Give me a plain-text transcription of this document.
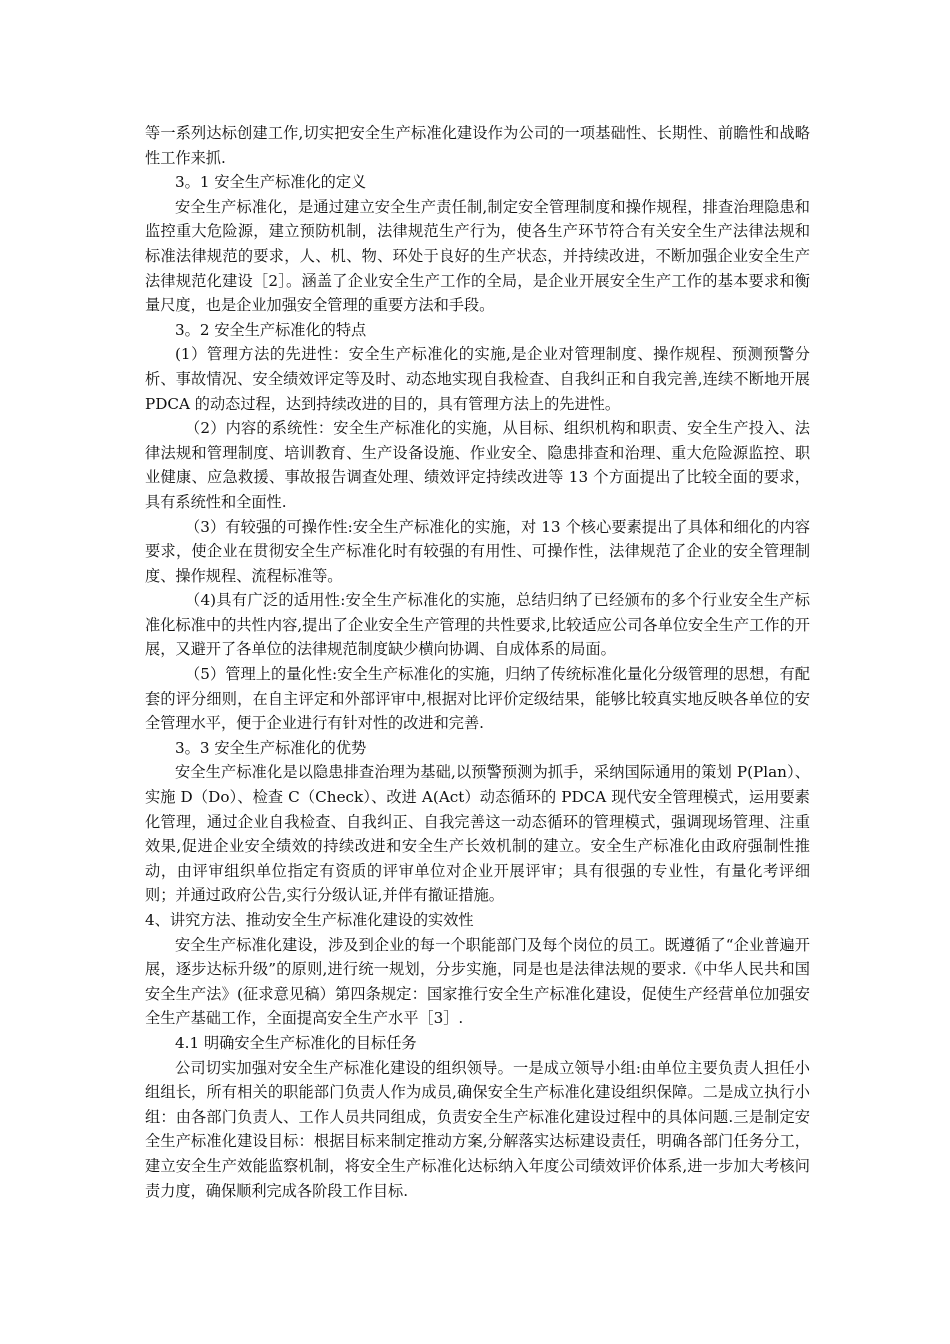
等一系列达标创建工作,切实把安全生产标准化建设作为公司的一项基础性、长期性、前瞻性和战略性工作来抓.

3。1 安全生产标准化的定义

安全生产标准化，是通过建立安全生产责任制,制定安全管理制度和操作规程，排查治理隐患和监控重大危险源，建立预防机制，法律规范生产行为，使各生产环节符合有关安全生产法律法规和标准法律规范的要求，人、机、物、环处于良好的生产状态，并持续改进，不断加强企业安全生产法律规范化建设［2］。涵盖了企业安全生产工作的全局，是企业开展安全生产工作的基本要求和衡量尺度，也是企业加强安全管理的重要方法和手段。

3。2 安全生产标准化的特点

(1）管理方法的先进性：安全生产标准化的实施,是企业对管理制度、操作规程、预测预警分析、事故情况、安全绩效评定等及时、动态地实现自我检查、自我纠正和自我完善,连续不断地开展 PDCA 的动态过程，达到持续改进的目的，具有管理方法上的先进性。

（2）内容的系统性：安全生产标准化的实施，从目标、组织机构和职责、安全生产投入、法律法规和管理制度、培训教育、生产设备设施、作业安全、隐患排查和治理、重大危险源监控、职业健康、应急救援、事故报告调查处理、绩效评定持续改进等 13 个方面提出了比较全面的要求，具有系统性和全面性.

（3）有较强的可操作性:安全生产标准化的实施，对 13 个核心要素提出了具体和细化的内容要求，使企业在贯彻安全生产标准化时有较强的有用性、可操作性，法律规范了企业的安全管理制度、操作规程、流程标准等。

（4)具有广泛的适用性:安全生产标准化的实施，总结归纳了已经颁布的多个行业安全生产标准化标准中的共性内容,提出了企业安全生产管理的共性要求,比较适应公司各单位安全生产工作的开展，又避开了各单位的法律规范制度缺少横向协调、自成体系的局面。

（5）管理上的量化性:安全生产标准化的实施，归纳了传统标准化量化分级管理的思想，有配套的评分细则，在自主评定和外部评审中,根据对比评价定级结果，能够比较真实地反映各单位的安全管理水平，便于企业进行有针对性的改进和完善.

3。3 安全生产标准化的优势

安全生产标准化是以隐患排查治理为基础,以预警预测为抓手，采纳国际通用的策划 P(Plan）、实施 D（Do）、检查 C（Check）、改进 A(Act）动态循环的 PDCA 现代安全管理模式，运用要素化管理，通过企业自我检查、自我纠正、自我完善这一动态循环的管理模式，强调现场管理、注重效果,促进企业安全绩效的持续改进和安全生产长效机制的建立。安全生产标准化由政府强制性推动，由评审组织单位指定有资质的评审单位对企业开展评审；具有很强的专业性，有量化考评细则；并通过政府公告,实行分级认证,并伴有撤证措施。

4、讲究方法、推动安全生产标准化建设的实效性

安全生产标准化建设，涉及到企业的每一个职能部门及每个岗位的员工。既遵循了“企业普遍开展，逐步达标升级”的原则,进行统一规划，分步实施，同是也是法律法规的要求.《中华人民共和国安全生产法》(征求意见稿）第四条规定：国家推行安全生产标准化建设，促使生产经营单位加强安全生产基础工作，全面提高安全生产水平［3］.

4.1 明确安全生产标准化的目标任务

公司切实加强对安全生产标准化建设的组织领导。一是成立领导小组:由单位主要负责人担任小组组长，所有相关的职能部门负责人作为成员,确保安全生产标准化建设组织保障。二是成立执行小组：由各部门负责人、工作人员共同组成，负责安全生产标准化建设过程中的具体问题.三是制定安全生产标准化建设目标：根据目标来制定推动方案,分解落实达标建设责任，明确各部门任务分工，建立安全生产效能监察机制，将安全生产标准化达标纳入年度公司绩效评价体系,进一步加大考核问责力度，确保顺利完成各阶段工作目标.
